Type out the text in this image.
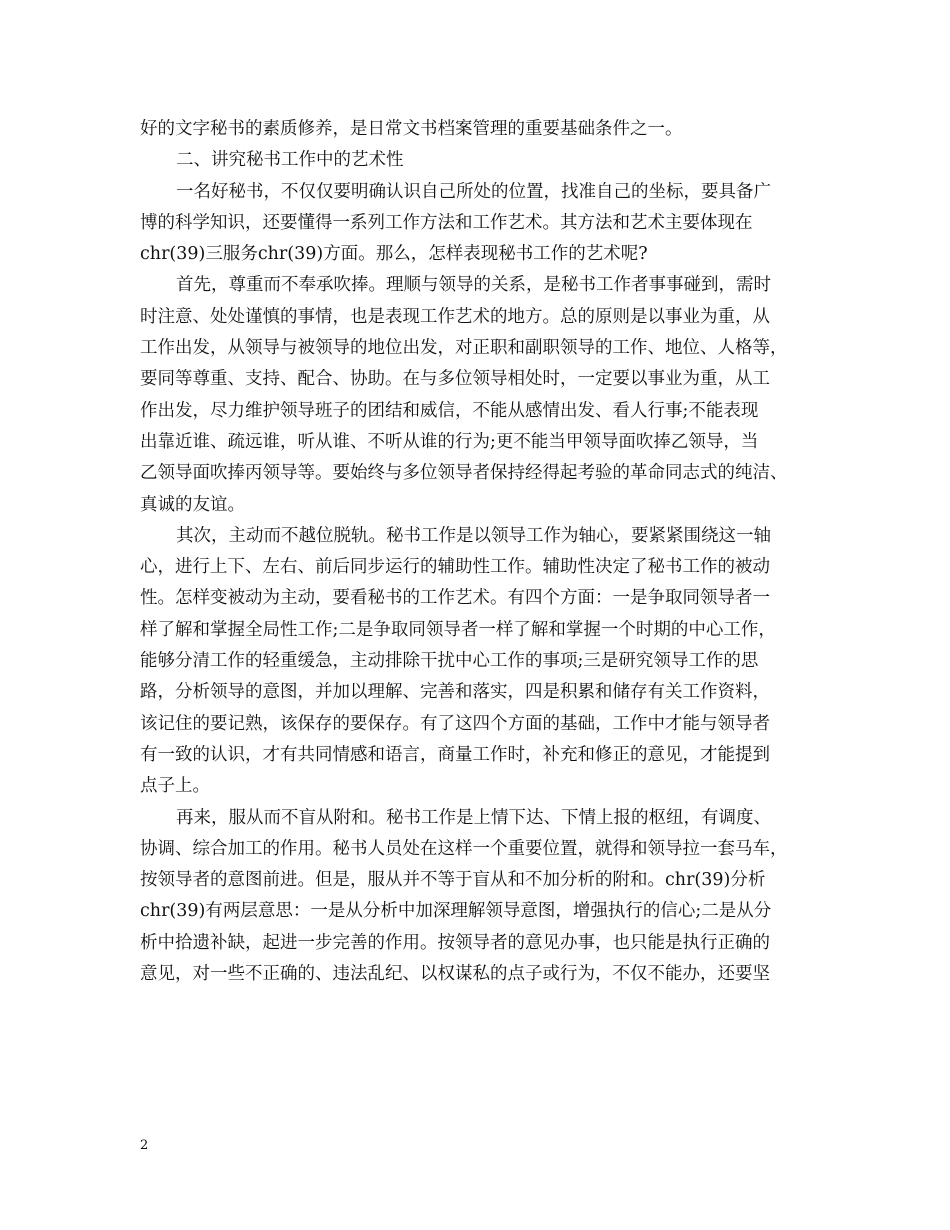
好的文字秘书的素质修养，是日常文书档案管理的重要基础条件之一。
二、讲究秘书工作中的艺术性
一名好秘书，不仅仅要明确认识自己所处的位置，找准自己的坐标，要具备广
博的科学知识，还要懂得一系列工作方法和工作艺术。其方法和艺术主要体现在
chr(39)三服务chr(39)方面。那么，怎样表现秘书工作的艺术呢?
首先，尊重而不奉承吹捧。理顺与领导的关系，是秘书工作者事事碰到，需时
时注意、处处谨慎的事情，也是表现工作艺术的地方。总的原则是以事业为重，从
工作出发，从领导与被领导的地位出发，对正职和副职领导的工作、地位、人格等，
要同等尊重、支持、配合、协助。在与多位领导相处时，一定要以事业为重，从工
作出发，尽力维护领导班子的团结和威信，不能从感情出发、看人行事;不能表现
出靠近谁、疏远谁，听从谁、不听从谁的行为;更不能当甲领导面吹捧乙领导，当
乙领导面吹捧丙领导等。要始终与多位领导者保持经得起考验的革命同志式的纯洁、
真诚的友谊。
其次，主动而不越位脱轨。秘书工作是以领导工作为轴心，要紧紧围绕这一轴
心，进行上下、左右、前后同步运行的辅助性工作。辅助性决定了秘书工作的被动
性。怎样变被动为主动，要看秘书的工作艺术。有四个方面：一是争取同领导者一
样了解和掌握全局性工作;二是争取同领导者一样了解和掌握一个时期的中心工作，
能够分清工作的轻重缓急，主动排除干扰中心工作的事项;三是研究领导工作的思
路，分析领导的意图，并加以理解、完善和落实，四是积累和储存有关工作资料，
该记住的要记熟，该保存的要保存。有了这四个方面的基础，工作中才能与领导者
有一致的认识，才有共同情感和语言，商量工作时，补充和修正的意见，才能提到
点子上。
再来，服从而不盲从附和。秘书工作是上情下达、下情上报的枢纽，有调度、
协调、综合加工的作用。秘书人员处在这样一个重要位置，就得和领导拉一套马车，
按领导者的意图前进。但是，服从并不等于盲从和不加分析的附和。chr(39)分析
chr(39)有两层意思：一是从分析中加深理解领导意图，增强执行的信心;二是从分
析中拾遗补缺，起进一步完善的作用。按领导者的意见办事，也只能是执行正确的
意见，对一些不正确的、违法乱纪、以权谋私的点子或行为，不仅不能办，还要坚
2
